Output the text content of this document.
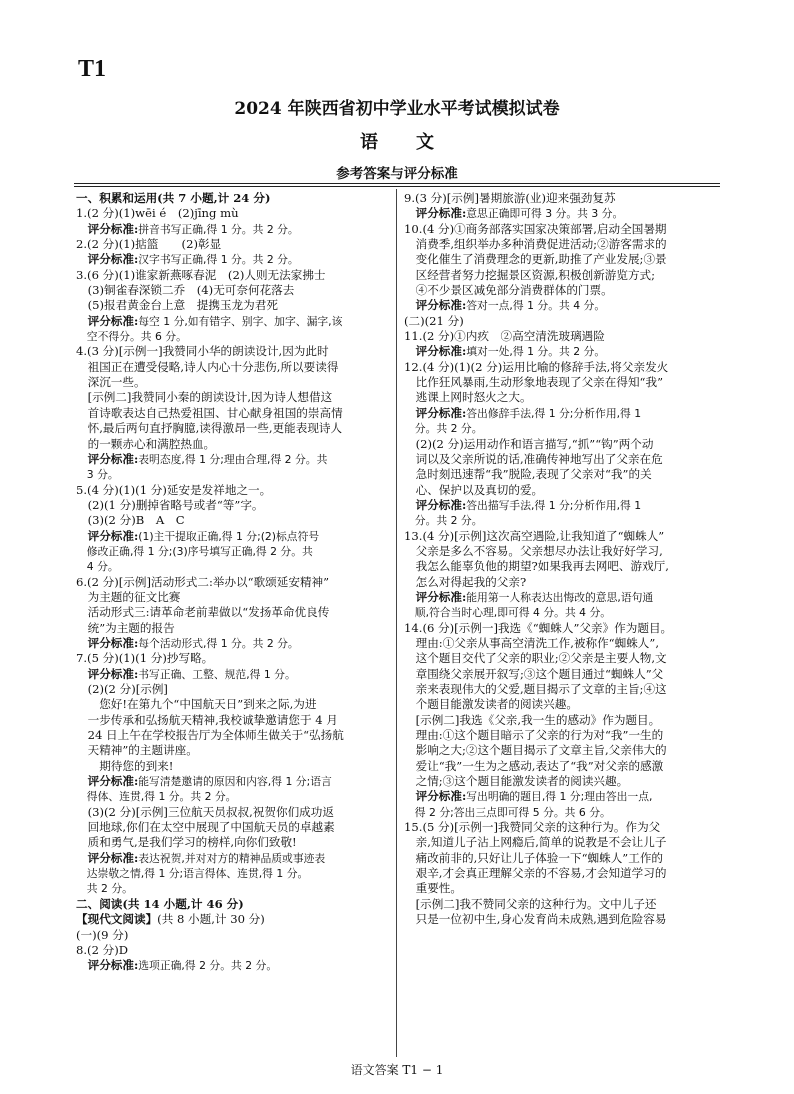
T1
2024 年陕西省初中学业水平考试模拟试卷
语文
参考答案与评分标准
一、积累和运用(共 7 小题,计 24 分)
1.(2 分)(1)wēi é　(2)jīng mù
　评分标准:拼音书写正确,得 1 分。共 2 分。
2.(2 分)(1)掂篮　　(2)彰显
　评分标准:汉字书写正确,得 1 分。共 2 分。
3.(6 分)(1)谁家新燕啄春泥　(2)人则无法家拂士
　(3)铜雀春深锁二乔　(4)无可奈何花落去
　(5)报君黄金台上意　提携玉龙为君死
　评分标准:每空 1 分,如有错字、别字、加字、漏字,该
　空不得分。共 6 分。
4.(3 分)[示例一]我赞同小华的朗读设计,因为此时
　祖国正在遭受侵略,诗人内心十分悲伤,所以要读得
　深沉一些。
　[示例二]我赞同小秦的朗读设计,因为诗人想借这
　首诗歌表达自己热爱祖国、甘心献身祖国的崇高情
　怀,最后两句直抒胸臆,读得激昂一些,更能表现诗人
　的一颗赤心和满腔热血。
　评分标准:表明态度,得 1 分;理由合理,得 2 分。共
　3 分。
5.(4 分)(1)(1 分)延安是发祥地之一。
　(2)(1 分)删掉省略号或者“等”字。
　(3)(2 分)B　A　C
　评分标准:(1)主干提取正确,得 1 分;(2)标点符号
　修改正确,得 1 分;(3)序号填写正确,得 2 分。共
　4 分。
6.(2 分)[示例]活动形式二:举办以“歌颂延安精神”
　为主题的征文比赛
　活动形式三:请革命老前辈做以“发扬革命优良传
　统”为主题的报告
　评分标准:每个活动形式,得 1 分。共 2 分。
7.(5 分)(1)(1 分)抄写略。
　评分标准:书写正确、工整、规范,得 1 分。
　(2)(2 分)[示例]
　　您好!在第九个“中国航天日”到来之际,为进
　一步传承和弘扬航天精神,我校诚挚邀请您于 4 月
　24 日上午在学校报告厅为全体师生做关于“弘扬航
　天精神”的主题讲座。
　　期待您的到来!
　评分标准:能写清楚邀请的原因和内容,得 1 分;语言
　得体、连贯,得 1 分。共 2 分。
　(3)(2 分)[示例]三位航天员叔叔,祝贺你们成功返
　回地球,你们在太空中展现了中国航天员的卓越素
　质和勇气,是我们学习的榜样,向你们致敬!
　评分标准:表达祝贺,并对对方的精神品质或事迹表
　达崇敬之情,得 1 分;语言得体、连贯,得 1 分。
　共 2 分。
二、阅读(共 14 小题,计 46 分)
【现代文阅读】(共 8 小题,计 30 分)
(一)(9 分)
8.(2 分)D
　评分标准:选项正确,得 2 分。共 2 分。
9.(3 分)[示例]暑期旅游(业)迎来强劲复苏
　评分标准:意思正确即可得 3 分。共 3 分。
10.(4 分)①商务部落实国家决策部署,启动全国暑期
　消费季,组织举办多种消费促进活动;②游客需求的
　变化催生了消费理念的更新,助推了产业发展;③景
　区经营者努力挖掘景区资源,积极创新游览方式;
　④不少景区减免部分消费群体的门票。
　评分标准:答对一点,得 1 分。共 4 分。
(二)(21 分)
11.(2 分)①内疚　②高空清洗玻璃遇险
　评分标准:填对一处,得 1 分。共 2 分。
12.(4 分)(1)(2 分)运用比喻的修辞手法,将父亲发火
　比作狂风暴雨,生动形象地表现了父亲在得知“我”
　逃课上网时怒火之大。
　评分标准:答出修辞手法,得 1 分;分析作用,得 1
　分。共 2 分。
　(2)(2 分)运用动作和语言描写,“抓”“钩”两个动
　词以及父亲所说的话,准确传神地写出了父亲在危
　急时刻迅速帮“我”脱险,表现了父亲对“我”的关
　心、保护以及真切的爱。
　评分标准:答出描写手法,得 1 分;分析作用,得 1
　分。共 2 分。
13.(4 分)[示例]这次高空遇险,让我知道了“蜘蛛人”
　父亲是多么不容易。父亲想尽办法让我好好学习,
　我怎么能辜负他的期望?如果我再去网吧、游戏厅,
　怎么对得起我的父亲?
　评分标准:能用第一人称表达出悔改的意思,语句通
　顺,符合当时心理,即可得 4 分。共 4 分。
14.(6 分)[示例一]我选《“蜘蛛人”父亲》作为题目。
　理由:①父亲从事高空清洗工作,被称作“蜘蛛人”,
　这个题目交代了父亲的职业;②父亲是主要人物,文
　章围绕父亲展开叙写;③这个题目通过“蜘蛛人”父
　亲来表现伟大的父爱,题目揭示了文章的主旨;④这
　个题目能激发读者的阅读兴趣。
　[示例二]我选《父亲,我一生的感动》作为题目。
　理由:①这个题目暗示了父亲的行为对“我”一生的
　影响之大;②这个题目揭示了文章主旨,父亲伟大的
　爱让“我”一生为之感动,表达了“我”对父亲的感激
　之情;③这个题目能激发读者的阅读兴趣。
　评分标准:写出明确的题目,得 1 分;理由答出一点,
　得 2 分;答出三点即可得 5 分。共 6 分。
15.(5 分)[示例一]我赞同父亲的这种行为。作为父
　亲,知道儿子沾上网瘾后,简单的说教是不会让儿子
　痛改前非的,只好让儿子体验一下“蜘蛛人”工作的
　艰辛,才会真正理解父亲的不容易,才会知道学习的
　重要性。
　[示例二]我不赞同父亲的这种行为。文中儿子还
　只是一位初中生,身心发育尚未成熟,遇到危险容易
语文答案 T1 − 1
